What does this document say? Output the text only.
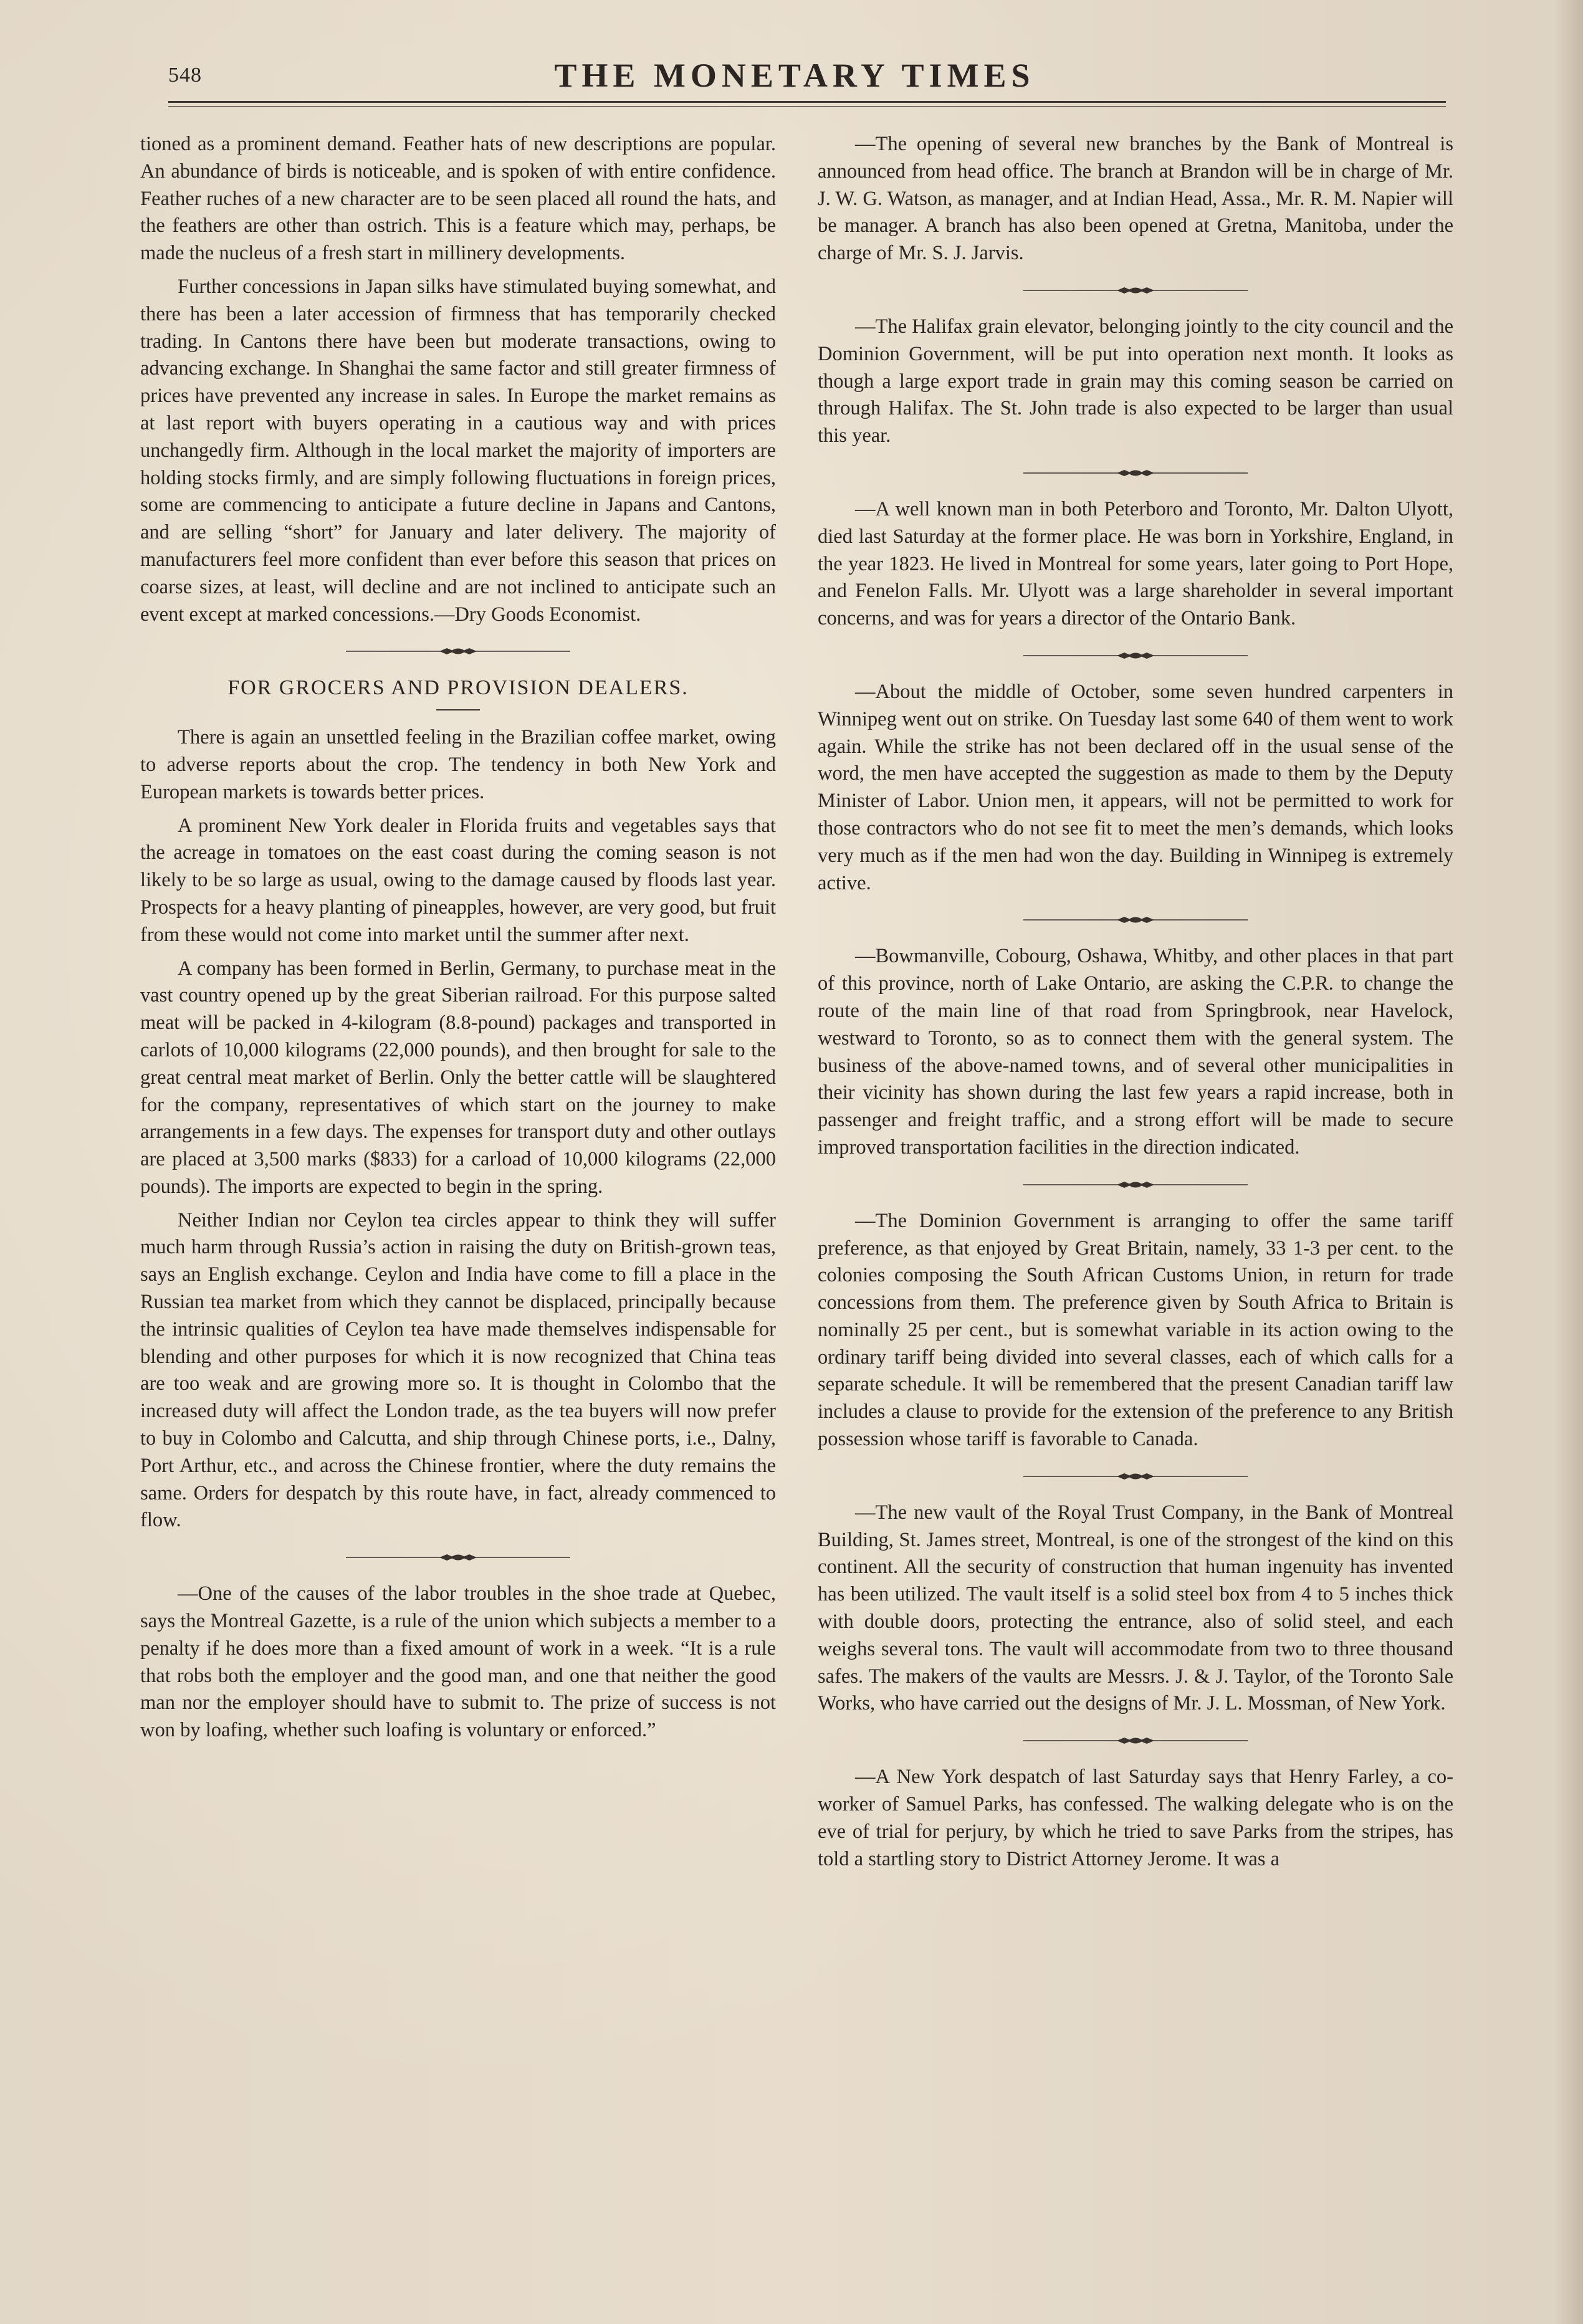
548	THE MONETARY TIMES

tioned as a prominent demand. Feather hats of new descriptions are popular. An abundance of birds is noticeable, and is spoken of with entire confidence. Feather ruches of a new character are to be seen placed all round the hats, and the feathers are other than ostrich. This is a feature which may, perhaps, be made the nucleus of a fresh start in millinery developments.

Further concessions in Japan silks have stimulated buying somewhat, and there has been a later accession of firmness that has temporarily checked trading. In Cantons there have been but moderate transactions, owing to advancing exchange. In Shanghai the same factor and still greater firmness of prices have prevented any increase in sales. In Europe the market remains as at last report with buyers operating in a cautious way and with prices unchangedly firm. Although in the local market the majority of importers are holding stocks firmly, and are simply following fluctuations in foreign prices, some are commencing to anticipate a future decline in Japans and Cantons, and are selling “short” for January and later delivery. The majority of manufacturers feel more confident than ever before this season that prices on coarse sizes, at least, will decline and are not inclined to anticipate such an event except at marked concessions.—Dry Goods Economist.

FOR GROCERS AND PROVISION DEALERS.

There is again an unsettled feeling in the Brazilian coffee market, owing to adverse reports about the crop. The tendency in both New York and European markets is towards better prices.

A prominent New York dealer in Florida fruits and vegetables says that the acreage in tomatoes on the east coast during the coming season is not likely to be so large as usual, owing to the damage caused by floods last year. Prospects for a heavy planting of pineapples, however, are very good, but fruit from these would not come into market until the summer after next.

A company has been formed in Berlin, Germany, to purchase meat in the vast country opened up by the great Siberian railroad. For this purpose salted meat will be packed in 4-kilogram (8.8-pound) packages and transported in carlots of 10,000 kilograms (22,000 pounds), and then brought for sale to the great central meat market of Berlin. Only the better cattle will be slaughtered for the company, representatives of which start on the journey to make arrangements in a few days. The expenses for transport duty and other outlays are placed at 3,500 marks ($833) for a carload of 10,000 kilograms (22,000 pounds). The imports are expected to begin in the spring.

Neither Indian nor Ceylon tea circles appear to think they will suffer much harm through Russia’s action in raising the duty on British-grown teas, says an English exchange. Ceylon and India have come to fill a place in the Russian tea market from which they cannot be displaced, principally because the intrinsic qualities of Ceylon tea have made themselves indispensable for blending and other purposes for which it is now recognized that China teas are too weak and are growing more so. It is thought in Colombo that the increased duty will affect the London trade, as the tea buyers will now prefer to buy in Colombo and Calcutta, and ship through Chinese ports, i.e., Dalny, Port Arthur, etc., and across the Chinese frontier, where the duty remains the same. Orders for despatch by this route have, in fact, already commenced to flow.

—One of the causes of the labor troubles in the shoe trade at Quebec, says the Montreal Gazette, is a rule of the union which subjects a member to a penalty if he does more than a fixed amount of work in a week. “It is a rule that robs both the employer and the good man, and one that neither the good man nor the employer should have to submit to. The prize of success is not won by loafing, whether such loafing is voluntary or enforced.”

—The opening of several new branches by the Bank of Montreal is announced from head office. The branch at Brandon will be in charge of Mr. J. W. G. Watson, as manager, and at Indian Head, Assa., Mr. R. M. Napier will be manager. A branch has also been opened at Gretna, Manitoba, under the charge of Mr. S. J. Jarvis.

—The Halifax grain elevator, belonging jointly to the city council and the Dominion Government, will be put into operation next month. It looks as though a large export trade in grain may this coming season be carried on through Halifax. The St. John trade is also expected to be larger than usual this year.

—A well known man in both Peterboro and Toronto, Mr. Dalton Ulyott, died last Saturday at the former place. He was born in Yorkshire, England, in the year 1823. He lived in Montreal for some years, later going to Port Hope, and Fenelon Falls. Mr. Ulyott was a large shareholder in several important concerns, and was for years a director of the Ontario Bank.

—About the middle of October, some seven hundred carpenters in Winnipeg went out on strike. On Tuesday last some 640 of them went to work again. While the strike has not been declared off in the usual sense of the word, the men have accepted the suggestion as made to them by the Deputy Minister of Labor. Union men, it appears, will not be permitted to work for those contractors who do not see fit to meet the men’s demands, which looks very much as if the men had won the day. Building in Winnipeg is extremely active.

—Bowmanville, Cobourg, Oshawa, Whitby, and other places in that part of this province, north of Lake Ontario, are asking the C.P.R. to change the route of the main line of that road from Springbrook, near Havelock, westward to Toronto, so as to connect them with the general system. The business of the above-named towns, and of several other municipalities in their vicinity has shown during the last few years a rapid increase, both in passenger and freight traffic, and a strong effort will be made to secure improved transportation facilities in the direction indicated.

—The Dominion Government is arranging to offer the same tariff preference, as that enjoyed by Great Britain, namely, 33 1-3 per cent. to the colonies composing the South African Customs Union, in return for trade concessions from them. The preference given by South Africa to Britain is nominally 25 per cent., but is somewhat variable in its action owing to the ordinary tariff being divided into several classes, each of which calls for a separate schedule. It will be remembered that the present Canadian tariff law includes a clause to provide for the extension of the preference to any British possession whose tariff is favorable to Canada.

—The new vault of the Royal Trust Company, in the Bank of Montreal Building, St. James street, Montreal, is one of the strongest of the kind on this continent. All the security of construction that human ingenuity has invented has been utilized. The vault itself is a solid steel box from 4 to 5 inches thick with double doors, protecting the entrance, also of solid steel, and each weighs several tons. The vault will accommodate from two to three thousand safes. The makers of the vaults are Messrs. J. & J. Taylor, of the Toronto Sale Works, who have carried out the designs of Mr. J. L. Mossman, of New York.

—A New York despatch of last Saturday says that Henry Farley, a co-worker of Samuel Parks, has confessed. The walking delegate who is on the eve of trial for perjury, by which he tried to save Parks from the stripes, has told a startling story to District Attorney Jerome. It was a
